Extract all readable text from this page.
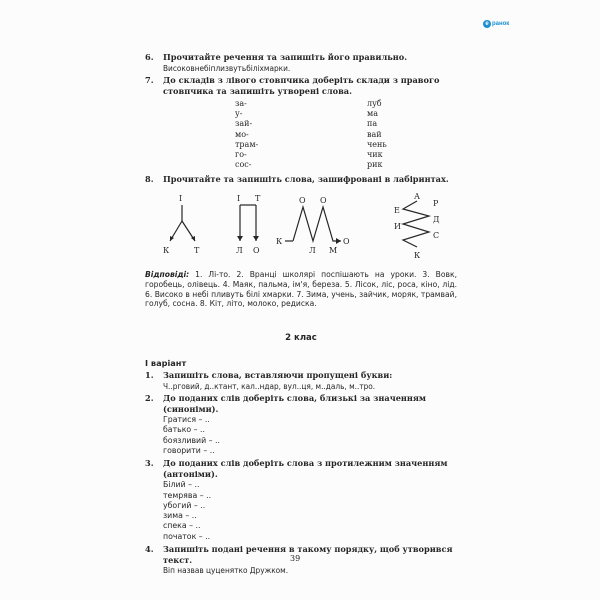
е ранок
6.	Прочитайте речення та запишіть його правильно.
Високовнебіплизвутьбіліхмарки.
7.	До складів з лівого стовпчика доберіть склади з правого стовпчика та запишіть утворені слова.
за-	луб
у-	ма
зай-	па
мо-	вай
трам-	чень
го-	чик
сос-	рик
8.	Прочитайте та запишіть слова, зашифровані в лабіринтах.
І
К	Т
І Т
Л О
О О
К	О
Л М
А
Р
Е
Д
И
С
К
Відповіді: 1. Лі-то. 2. Вранці школярі поспішають на уроки. 3. Вовк, горобець, олівець. 4. Маяк, пальма, ім'я, береза. 5. Лісок, ліс, роса, кіно, лід. 6. Високо в небі пливуть білі хмарки. 7. Зима, учень, зайчик, моряк, трамвай, голуб, сосна. 8. Кіт, літо, молоко, редиска.
2 клас
І варіант
1.	Запишіть слова, вставляючи пропущені букви:
Ч..рговий, д..ктант, кал..ндар, вул..ця, м..даль, м..тро.
2.	До поданих слів доберіть слова, близькі за значенням (синоніми).
Гратися – ..
батько – ..
боязливий – ..
говорити – ..
3.	До поданих слів доберіть слова з протилежним значенням (антоніми).
Білий – ..
темрява – ..
убогий – ..
зима – ..
спека – ..
початок – ..
4.	Запишіть подані речення в такому порядку, щоб утворився текст.
Віп назвав цуценятко Дружком.
39
